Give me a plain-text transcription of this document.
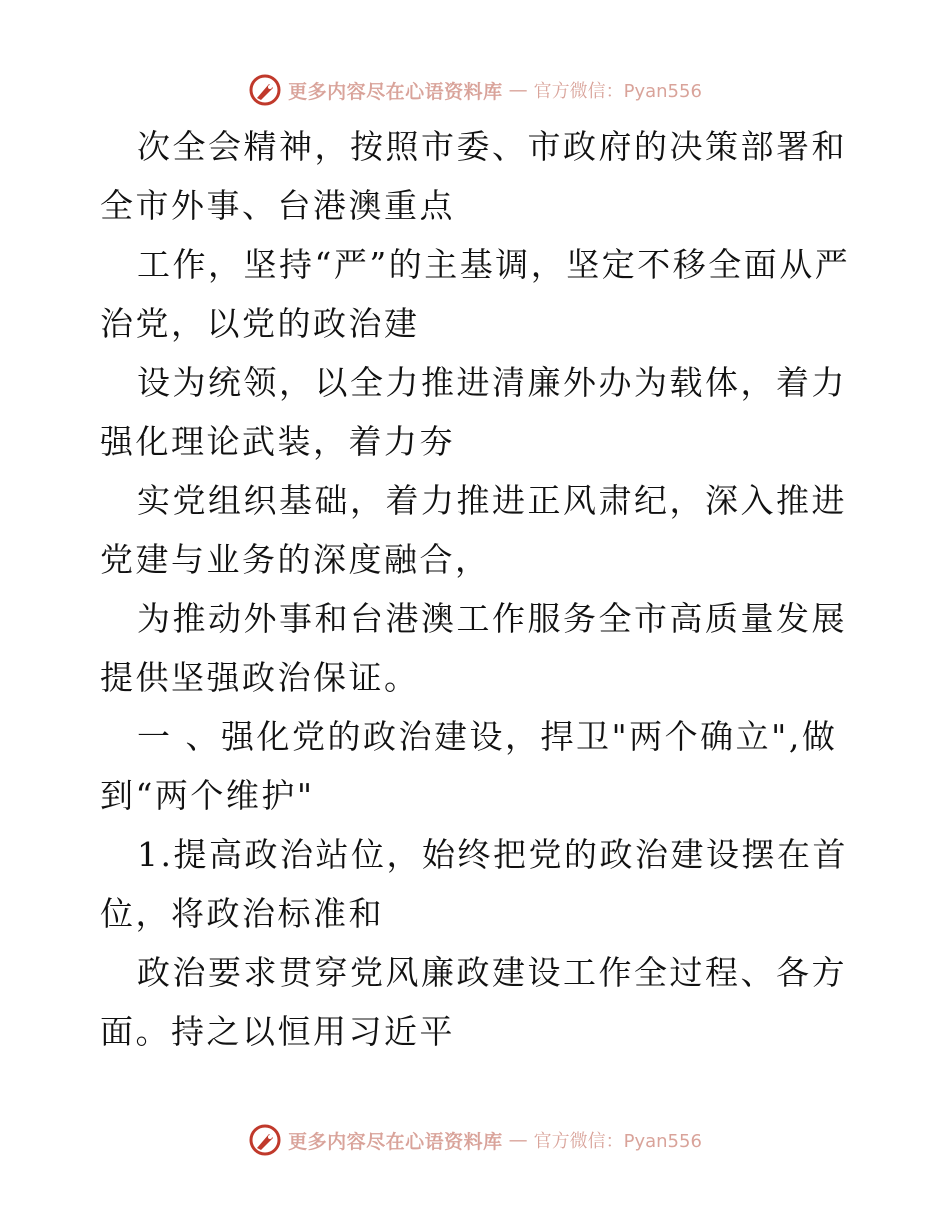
更多内容尽在心语资料库 — 官方微信：Pyan556

次全会精神，按照市委、市政府的决策部署和全市外事、台港澳重点

工作，坚持“严”的主基调，坚定不移全面从严治党，以党的政治建

设为统领，以全力推进清廉外办为载体，着力强化理论武装，着力夯

实党组织基础，着力推进正风肃纪，深入推进党建与业务的深度融合，

为推动外事和台港澳工作服务全市高质量发展提供坚强政治保证。

一 、强化党的政治建设，捍卫"两个确立",做到“两个维护"

1.提高政治站位，始终把党的政治建设摆在首位，将政治标准和

政治要求贯穿党风廉政建设工作全过程、各方面。持之以恒用习近平

更多内容尽在心语资料库 — 官方微信：Pyan556
